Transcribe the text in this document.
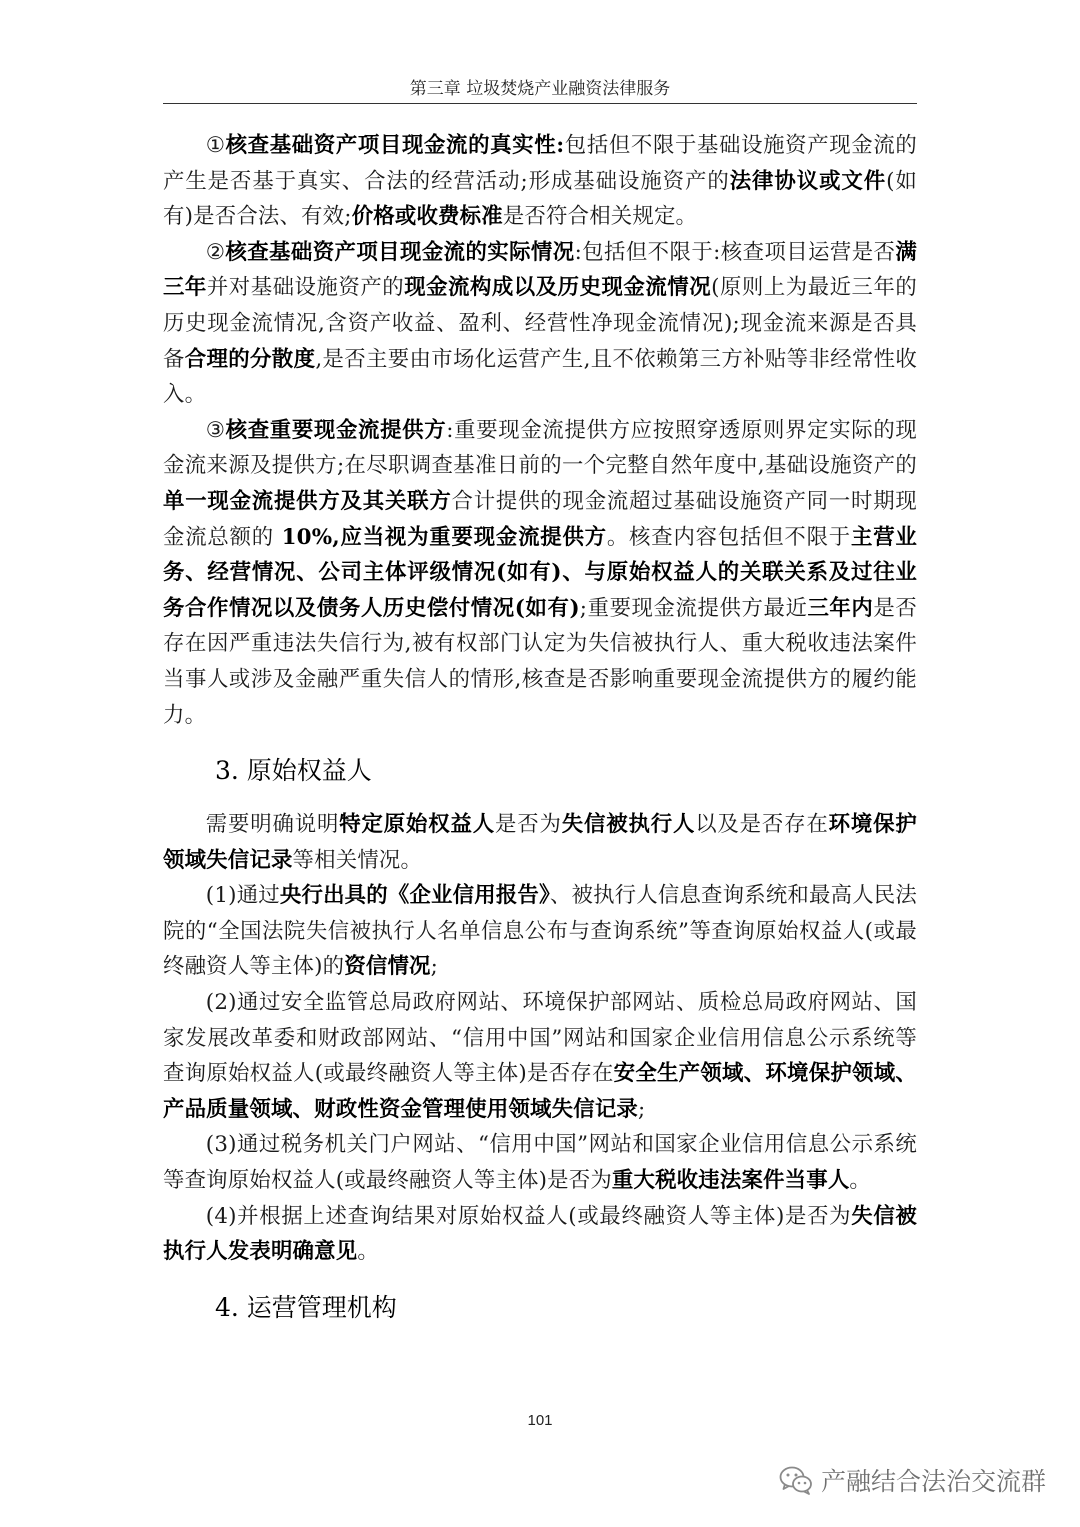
第三章 垃圾焚烧产业融资法律服务

①核查基础资产项目现金流的真实性:包括但不限于基础设施资产现金流的产生是否基于真实、合法的经营活动;形成基础设施资产的法律协议或文件(如有)是否合法、有效;价格或收费标准是否符合相关规定。

②核查基础资产项目现金流的实际情况:包括但不限于:核查项目运营是否满三年并对基础设施资产的现金流构成以及历史现金流情况(原则上为最近三年的历史现金流情况,含资产收益、盈利、经营性净现金流情况);现金流来源是否具备合理的分散度,是否主要由市场化运营产生,且不依赖第三方补贴等非经常性收入。

③核查重要现金流提供方:重要现金流提供方应按照穿透原则界定实际的现金流来源及提供方;在尽职调查基准日前的一个完整自然年度中,基础设施资产的单一现金流提供方及其关联方合计提供的现金流超过基础设施资产同一时期现金流总额的 10%,应当视为重要现金流提供方。核查内容包括但不限于主营业务、经营情况、公司主体评级情况(如有)、与原始权益人的关联关系及过往业务合作情况以及债务人历史偿付情况(如有);重要现金流提供方最近三年内是否存在因严重违法失信行为,被有权部门认定为失信被执行人、重大税收违法案件当事人或涉及金融严重失信人的情形,核查是否影响重要现金流提供方的履约能力。

3. 原始权益人

需要明确说明特定原始权益人是否为失信被执行人以及是否存在环境保护领域失信记录等相关情况。

(1)通过央行出具的《企业信用报告》、被执行人信息查询系统和最高人民法院的“全国法院失信被执行人名单信息公布与查询系统”等查询原始权益人(或最终融资人等主体)的资信情况;

(2)通过安全监管总局政府网站、环境保护部网站、质检总局政府网站、国家发展改革委和财政部网站、“信用中国”网站和国家企业信用信息公示系统等查询原始权益人(或最终融资人等主体)是否存在安全生产领域、环境保护领域、产品质量领域、财政性资金管理使用领域失信记录;

(3)通过税务机关门户网站、“信用中国”网站和国家企业信用信息公示系统等查询原始权益人(或最终融资人等主体)是否为重大税收违法案件当事人。

(4)并根据上述查询结果对原始权益人(或最终融资人等主体)是否为失信被执行人发表明确意见。

4. 运营管理机构
101
产融结合法治交流群
